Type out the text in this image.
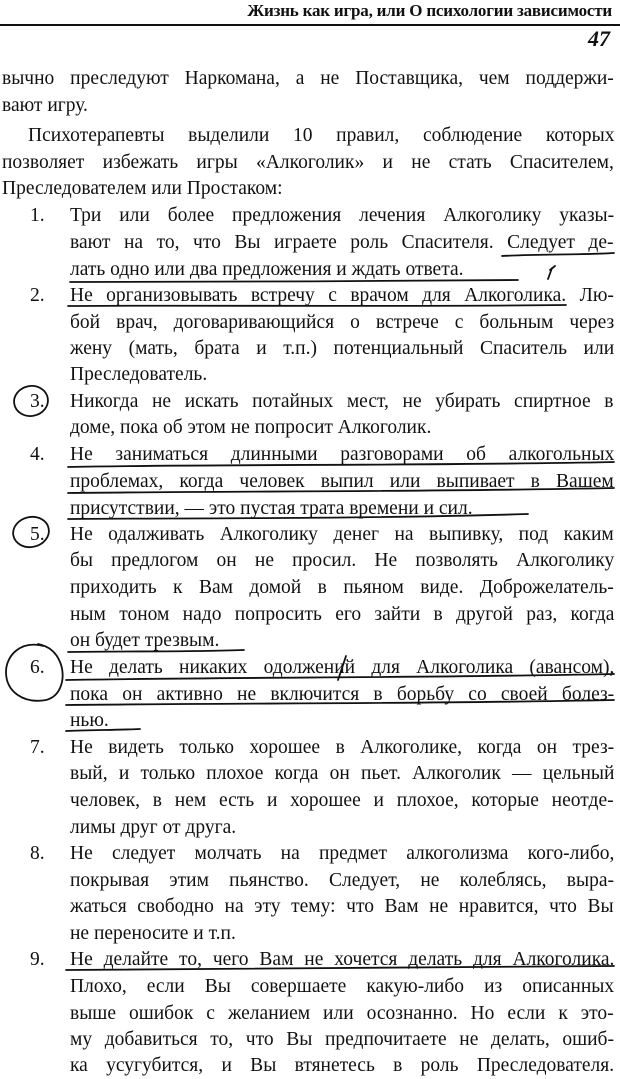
Жизнь как игра, или О психологии зависимости
47
вычно преследуют Наркомана, а не Поставщика, чем поддержи-
вают игру.
Психотерапевты выделили 10 правил, соблюдение которых
позволяет избежать игры «Алкоголик» и не стать Спасителем,
Преследователем или Простаком:
1. Три или более предложения лечения Алкоголику указы-
вают на то, что Вы играете роль Спасителя. Следует де-
лать одно или два предложения и ждать ответа.
2. Не организовывать встречу с врачом для Алкоголика. Лю-
бой врач, договаривающийся о встрече с больным через
жену (мать, брата и т.п.) потенциальный Спаситель или
Преследователь.
3. Никогда не искать потайных мест, не убирать спиртное в
доме, пока об этом не попросит Алкоголик.
4. Не заниматься длинными разговорами об алкогольных
проблемах, когда человек выпил или выпивает в Вашем
присутствии, — это пустая трата времени и сил.
5. Не одалживать Алкоголику денег на выпивку, под каким
бы предлогом он не просил. Не позволять Алкоголику
приходить к Вам домой в пьяном виде. Доброжелатель-
ным тоном надо попросить его зайти в другой раз, когда
он будет трезвым.
6. Не делать никаких одолжений для Алкоголика (авансом),
пока он активно не включится в борьбу со своей болез-
нью.
7. Не видеть только хорошее в Алкоголике, когда он трез-
вый, и только плохое когда он пьет. Алкоголик — цельный
человек, в нем есть и хорошее и плохое, которые неотде-
лимы друг от друга.
8. Не следует молчать на предмет алкоголизма кого-либо,
покрывая этим пьянство. Следует, не колеблясь, выра-
жаться свободно на эту тему: что Вам не нравится, что Вы
не переносите и т.п.
9. Не делайте то, чего Вам не хочется делать для Алкоголика.
Плохо, если Вы совершаете какую-либо из описанных
выше ошибок с желанием или осознанно. Но если к это-
му добавиться то, что Вы предпочитаете не делать, ошиб-
ка усугубится, и Вы втянетесь в роль Преследователя.
